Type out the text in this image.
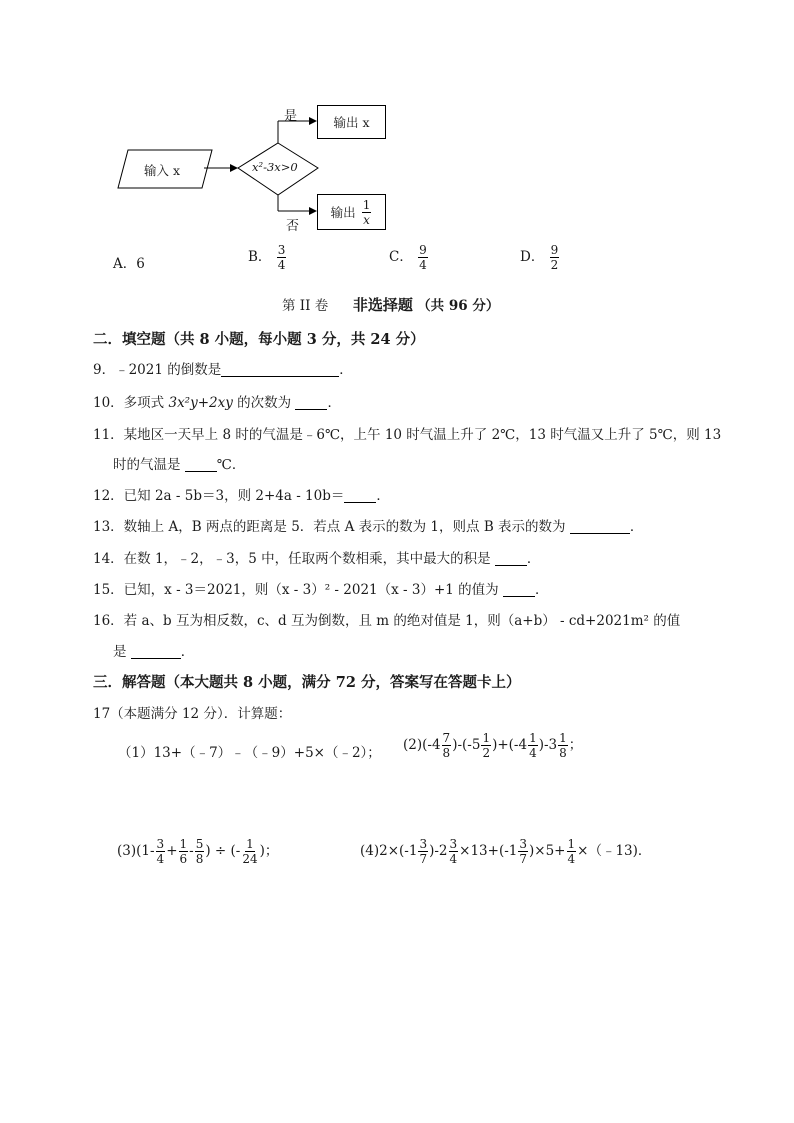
输入 x	x²-3x>0
是
否
输出 x
输出 $\frac{1}{x}$
A．6	B． $\frac{3}{4}$	C． $\frac{9}{4}$	D． $\frac{9}{2}$
第 II 卷 非选择题 （共 96 分）
二．填空题（共 8 小题，每小题 3 分，共 24 分）
9．﹣2021 的倒数是	．
10．多项式 3x²y+2xy 的次数为	．
11．某地区一天早上 8 时的气温是﹣6℃，上午 10 时气温上升了 2℃，13 时气温又上升了 5℃，则 13
时的气温是	℃．
12．已知 2a - 5b＝3，则 2+4a - 10b＝ ．
13．数轴上 A，B 两点的距离是 5．若点 A 表示的数为 1，则点 B 表示的数为	．
14．在数 1，﹣2，﹣3，5 中，任取两个数相乘，其中最大的积是	．
15．已知，x - 3＝2021，则（x - 3）² - 2021（x - 3）+1 的值为	．
16．若 a、b 互为相反数，c、d 互为倒数，且 m 的绝对值是 1，则（a+b） - cd+2021m² 的值
是	．
三．解答题（本大题共 8 小题，满分 72 分，答案写在答题卡上）
17（本题满分 12 分）．计算题：
（1）13+（﹣7）﹣（﹣9）+5×（﹣2）； $(2)(-4 \frac{7}{8} )-(-5 \frac{1}{2} )+(-4 \frac{1}{4} )-3 \frac{1}{8}$ ；
$(3)(1- \frac{3}{4} + \frac{1}{6} - \frac{5}{8}$ ) ÷ (- $\frac{1}{24}$ )；	$(4)2\times(-1 \frac{3}{7} )-2 \frac{3}{4} \times 13+(-1 \frac{3}{7} )\times 5+ \frac{1}{4}$ ×（﹣13)．
